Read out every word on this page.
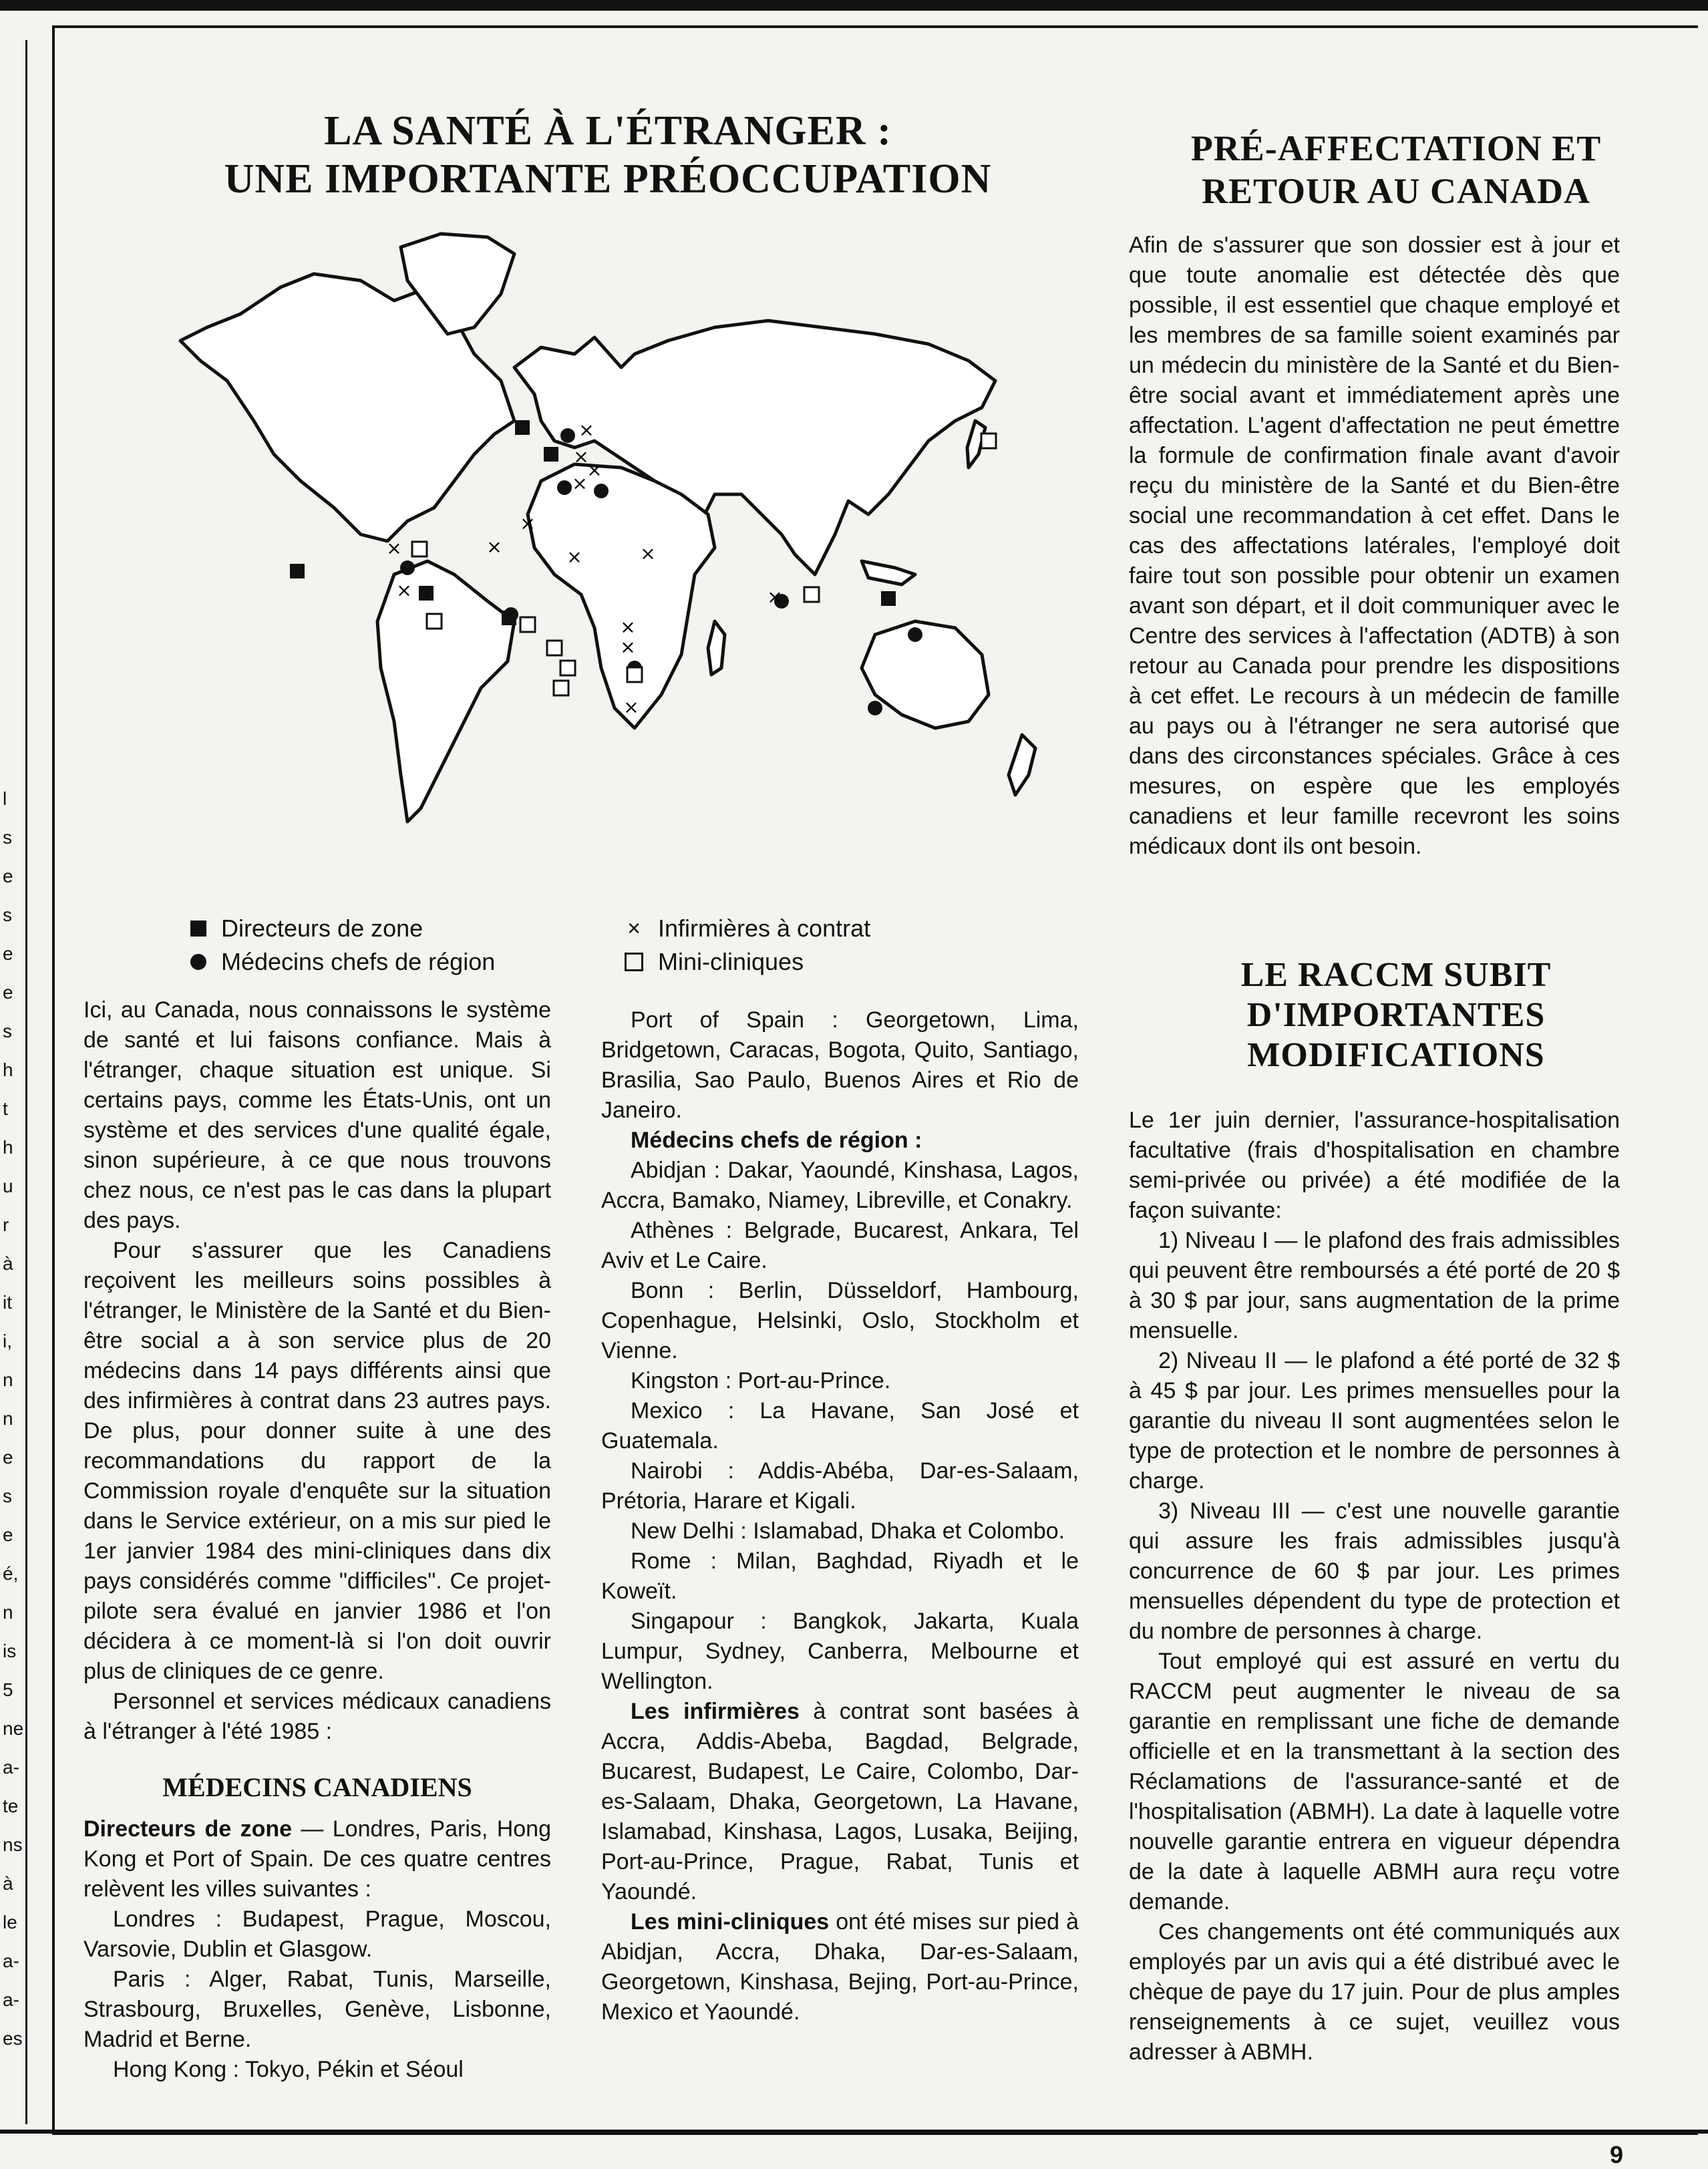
l
s
e
s
e
e
s
h
t
h
u
r
à
it
i,
n
n
e
s
e
é,
n
is
5
ne
a-
te
ns
à
le
a-
a-
es
LA SANTÉ À L'ÉTRANGER :
UNE IMPORTANTE PRÉOCCUPATION
×
×
×
×
×
×
×	×	×
×
×
×
×
×
Directeurs de zone
Médecins chefs de région
× Infirmières à contrat
Mini-cliniques

Ici, au Canada, nous connaissons le système de santé et lui faisons confiance. Mais à l'étranger, chaque situation est unique. Si certains pays, comme les États-Unis, ont un système et des services d'une qualité égale, sinon supérieure, à ce que nous trouvons chez nous, ce n'est pas le cas dans la plupart des pays.

Pour s'assurer que les Canadiens reçoivent les meilleurs soins possibles à l'étranger, le Ministère de la Santé et du Bien-être social a à son service plus de 20 médecins dans 14 pays différents ainsi que des infirmières à contrat dans 23 autres pays. De plus, pour donner suite à une des recommandations du rapport de la Commission royale d'enquête sur la situation dans le Service extérieur, on a mis sur pied le 1er janvier 1984 des mini-cliniques dans dix pays considérés comme "difficiles". Ce projet-pilote sera évalué en janvier 1986 et l'on décidera à ce moment-là si l'on doit ouvrir plus de cliniques de ce genre.

Personnel et services médicaux canadiens à l'étranger à l'été 1985 :

MÉDECINS CANADIENS

Directeurs de zone — Londres, Paris, Hong Kong et Port of Spain. De ces quatre centres relèvent les villes suivantes :

Londres : Budapest, Prague, Moscou, Varsovie, Dublin et Glasgow.

Paris : Alger, Rabat, Tunis, Marseille, Strasbourg, Bruxelles, Genève, Lisbonne, Madrid et Berne.

Hong Kong : Tokyo, Pékin et Séoul

Port of Spain : Georgetown, Lima, Bridgetown, Caracas, Bogota, Quito, Santiago, Brasilia, Sao Paulo, Buenos Aires et Rio de Janeiro.

Médecins chefs de région :

Abidjan : Dakar, Yaoundé, Kinshasa, Lagos, Accra, Bamako, Niamey, Libreville, et Conakry.

Athènes : Belgrade, Bucarest, Ankara, Tel Aviv et Le Caire.

Bonn : Berlin, Düsseldorf, Hambourg, Copenhague, Helsinki, Oslo, Stockholm et Vienne.

Kingston : Port-au-Prince.

Mexico : La Havane, San José et Guatemala.

Nairobi : Addis-Abéba, Dar-es-Salaam, Prétoria, Harare et Kigali.

New Delhi : Islamabad, Dhaka et Colombo.

Rome : Milan, Baghdad, Riyadh et le Koweït.

Singapour : Bangkok, Jakarta, Kuala Lumpur, Sydney, Canberra, Melbourne et Wellington.

Les infirmières à contrat sont basées à Accra, Addis-Abeba, Bagdad, Belgrade, Bucarest, Budapest, Le Caire, Colombo, Dar-es-Salaam, Dhaka, Georgetown, La Havane, Islamabad, Kinshasa, Lagos, Lusaka, Beijing, Port-au-Prince, Prague, Rabat, Tunis et Yaoundé.

Les mini-cliniques ont été mises sur pied à Abidjan, Accra, Dhaka, Dar-es-Salaam, Georgetown, Kinshasa, Bejing, Port-au-Prince, Mexico et Yaoundé.

PRÉ-AFFECTATION ET
RETOUR AU CANADA

Afin de s'assurer que son dossier est à jour et que toute anomalie est détectée dès que possible, il est essentiel que chaque employé et les membres de sa famille soient examinés par un médecin du ministère de la Santé et du Bien-être social avant et immédiatement après une affectation. L'agent d'affectation ne peut émettre la formule de confirmation finale avant d'avoir reçu du ministère de la Santé et du Bien-être social une recommandation à cet effet. Dans le cas des affectations latérales, l'employé doit faire tout son possible pour obtenir un examen avant son départ, et il doit communiquer avec le Centre des services à l'affectation (ADTB) à son retour au Canada pour prendre les dispositions à cet effet. Le recours à un médecin de famille au pays ou à l'étranger ne sera autorisé que dans des circonstances spéciales. Grâce à ces mesures, on espère que les employés canadiens et leur famille recevront les soins médicaux dont ils ont besoin.

LE RACCM SUBIT
D'IMPORTANTES
MODIFICATIONS

Le 1er juin dernier, l'assurance-hospitalisation facultative (frais d'hospitalisation en chambre semi-privée ou privée) a été modifiée de la façon suivante:

1) Niveau I — le plafond des frais admissibles qui peuvent être remboursés a été porté de 20 $ à 30 $ par jour, sans augmentation de la prime mensuelle.

2) Niveau II — le plafond a été porté de 32 $ à 45 $ par jour. Les primes mensuelles pour la garantie du niveau II sont augmentées selon le type de protection et le nombre de personnes à charge.

3) Niveau III — c'est une nouvelle garantie qui assure les frais admissibles jusqu'à concurrence de 60 $ par jour. Les primes mensuelles dépendent du type de protection et du nombre de personnes à charge.

Tout employé qui est assuré en vertu du RACCM peut augmenter le niveau de sa garantie en remplissant une fiche de demande officielle et en la transmettant à la section des Réclamations de l'assurance-santé et de l'hospitalisation (ABMH). La date à laquelle votre nouvelle garantie entrera en vigueur dépendra de la date à laquelle ABMH aura reçu votre demande.

Ces changements ont été communiqués aux employés par un avis qui a été distribué avec le chèque de paye du 17 juin. Pour de plus amples renseignements à ce sujet, veuillez vous adresser à ABMH.

9
